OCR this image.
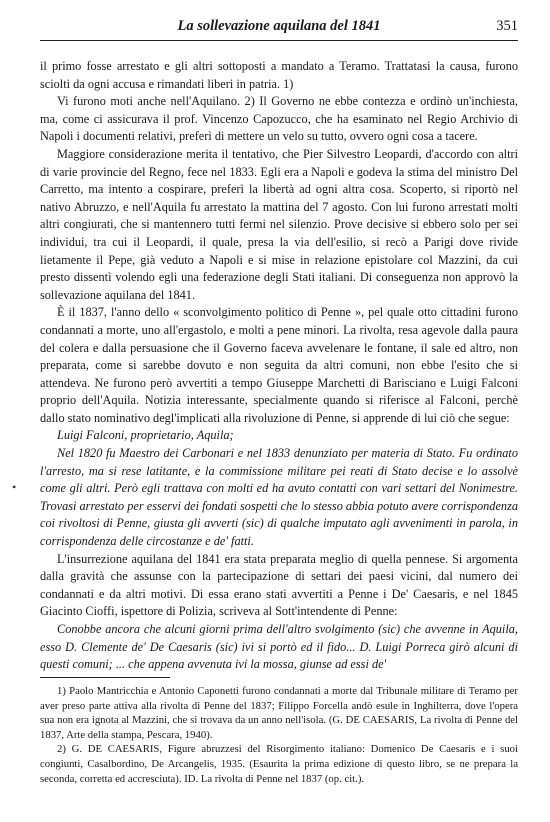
La sollevazione aquilana del 1841	351
•

il primo fosse arrestato e gli altri sottoposti a mandato a Teramo. Trattatasi la causa, furono sciolti da ogni accusa e rimandati liberi in patria. 1)

Vi furono moti anche nell'Aquilano. 2) Il Governo ne ebbe contezza e ordinò un'inchiesta, ma, come ci assicurava il prof. Vincenzo Capozucco, che ha esaminato nel Regio Archivio di Napoli i documenti relativi, preferì di mettere un velo su tutto, ovvero ogni cosa a tacere.

Maggiore considerazione merita il tentativo, che Pier Silvestro Leopardi, d'accordo con altri di varie provincie del Regno, fece nel 1833. Egli era a Napoli e godeva la stima del ministro Del Carretto, ma intento a cospirare, preferì la libertà ad ogni altra cosa. Scoperto, si riportò nel nativo Abruzzo, e nell'Aquila fu arrestato la mattina del 7 agosto. Con lui furono arrestati molti altri congiurati, che si mantennero tutti fermi nel silenzio. Prove decisive si ebbero solo per sei individui, tra cui il Leopardi, il quale, presa la via dell'esilio, si recò a Parigi dove rivide lietamente il Pepe, già veduto a Napoli e si mise in relazione epistolare col Mazzini, da cui presto dissentì volendo egli una federazione degli Stati italiani. Di conseguenza non approvò la sollevazione aquilana del 1841.

È il 1837, l'anno dello « sconvolgimento politico di Penne », pel quale otto cittadini furono condannati a morte, uno all'ergastolo, e molti a pene minori. La rivolta, resa agevole dalla paura del colera e dalla persuasione che il Governo faceva avvelenare le fontane, il sale ed altro, non preparata, come si sarebbe dovuto e non seguita da altri comuni, non ebbe l'esito che si attendeva. Ne furono però avvertiti a tempo Giuseppe Marchetti di Barisciano e Luigi Falconi proprio dell'Aquila. Notizia interessante, specialmente quando si riferisce al Falconi, perchè dallo stato nominativo degl'implicati alla rivoluzione di Penne, si apprende di lui ciò che segue:

Luigi Falconi, proprietario, Aquila;

Nel 1820 fu Maestro dei Carbonari e nel 1833 denunziato per materia di Stato. Fu ordinato l'arresto, ma si rese latitante, e la commissione militare pei reati di Stato decise e lo assolvè come gli altri. Però egli trattava con molti ed ha avuto contatti con vari settari del Nonimestre. Trovasi arrestato per esservi dei fondati sospetti che lo stesso abbia potuto avere corrispondenza coi rivoltosi di Penne, giusta gli avverti (sic) di qualche imputato agli avvenimenti in parola, in corrispondenza delle circostanze e de' fatti.

L'insurrezione aquilana del 1841 era stata preparata meglio di quella pennese. Si argomenta dalla gravità che assunse con la partecipazione di settari dei paesi vicini, dal numero dei condannati e da altri motivi. Di essa erano stati avvertiti a Penne i De' Caesaris, e nel 1845 Giacinto Cioffi, ispettore di Polizia, scriveva al Sott'intendente di Penne:

Conobbe ancora che alcuni giorni prima dell'altro svolgimento (sic) che avvenne in Aquila, esso D. Clemente de' De Caesaris (sic) ivi si portò ed il fido... D. Luigi Porreca girò alcuni di questi comuni; ... che appena avvenuta ivi la mossa, giunse ad essi de'

1) Paolo Mantricchia e Antonio Caponetti furono condannati a morte dal Tribunale militare di Teramo per aver preso parte attiva alla rivolta di Penne del 1837; Filippo Forcella andò esule in Inghilterra, dove l'opera sua non era ignota al Mazzini, che si trovava da un anno nell'isola. (G. DE CAESARIS, La rivolta di Penne del 1837, Arte della stampa, Pescara, 1940).

2) G. DE CAESARIS, Figure abruzzesi del Risorgimento italiano: Domenico De Caesaris e i suoi congiunti, Casalbordino, De Arcangelis, 1935. (Esaurita la prima edizione di questo libro, se ne prepara la seconda, corretta ed accresciuta). ID. La rivolta di Penne nel 1837 (op. cit.).
